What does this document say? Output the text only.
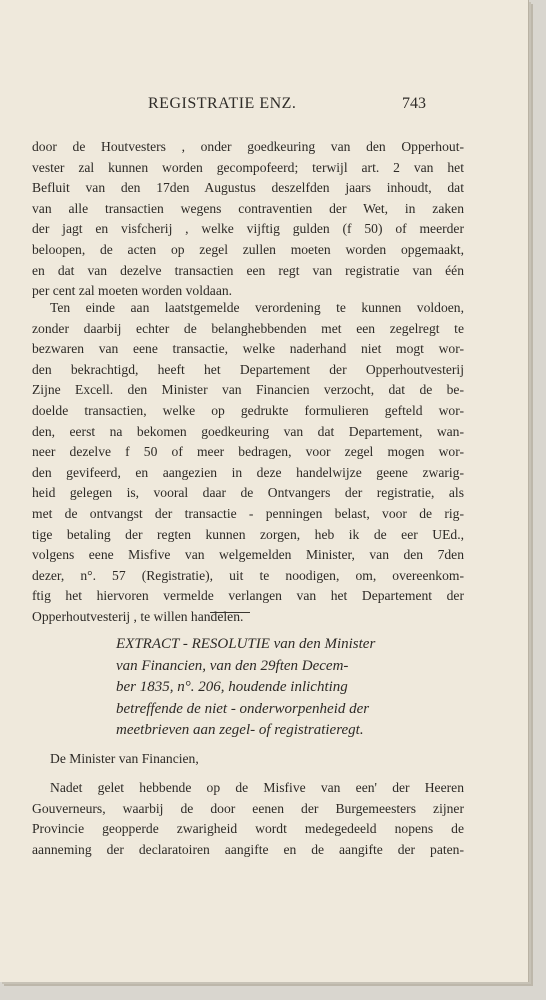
REGISTRATIE ENZ.	743
door de Houtvesters , onder goedkeuring van den Opperhout-
vester zal kunnen worden gecompofeerd; terwijl art. 2 van het
Befluit van den 17den Augustus deszelfden jaars inhoudt, dat
van alle transactien wegens contraventien der Wet, in zaken
der jagt en visfcherij , welke vijftig gulden (f 50) of meerder
beloopen, de acten op zegel zullen moeten worden opgemaakt,
en dat van dezelve transactien een regt van registratie van één
per cent zal moeten worden voldaan.
Ten einde aan laatstgemelde verordening te kunnen voldoen,
zonder daarbij echter de belanghebbenden met een zegelregt te
bezwaren van eene transactie, welke naderhand niet mogt wor-
den bekrachtigd, heeft het Departement der Opperhoutvesterij
Zijne Excell. den Minister van Financien verzocht, dat de be-
doelde transactien, welke op gedrukte formulieren gefteld wor-
den, eerst na bekomen goedkeuring van dat Departement, wan-
neer dezelve f 50 of meer bedragen, voor zegel mogen wor-
den gevifeerd, en aangezien in deze handelwijze geene zwarig-
heid gelegen is, vooral daar de Ontvangers der registratie, als
met de ontvangst der transactie - penningen belast, voor de rig-
tige betaling der regten kunnen zorgen, heb ik de eer UEd.,
volgens eene Misfive van welgemelden Minister, van den 7den
dezer, n°. 57 (Registratie), uit te noodigen, om, overeenkom-
ftig het hiervoren vermelde verlangen van het Departement der
Opperhoutvesterij , te willen handelen.
EXTRACT - RESOLUTIE van den Minister
van Financien, van den 29ften Decem-
ber 1835, n°. 206, houdende inlichting
betreffende de niet - onderworpenheid der
meetbrieven aan zegel- of registratieregt.
De Minister van Financien,
Nadet gelet hebbende op de Misfive van een' der Heeren
Gouverneurs, waarbij de door eenen der Burgemeesters zijner
Provincie geopperde zwarigheid wordt medegedeeld nopens de
aanneming der declaratoiren aangifte en de aangifte der paten-
